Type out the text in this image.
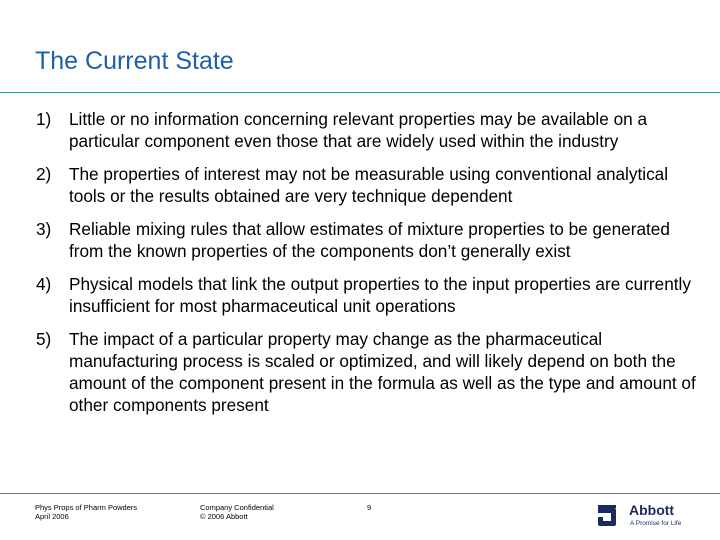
The Current State
1) Little or no information concerning relevant properties may be available on a particular component even those that are widely used within the industry
2) The properties of interest may not be measurable using conventional analytical tools or the results obtained are very technique dependent
3) Reliable mixing rules that allow estimates of mixture properties to be generated from the known properties of the components don’t generally exist
4) Physical models that link the output properties to the input properties are currently insufficient for most pharmaceutical unit operations
5) The impact of a particular property may change as the pharmaceutical manufacturing process is scaled or optimized, and will likely depend on both the amount of the component present in the formula as well as the type and amount of other components present
Phys Props of Pharm Powders
April 2006
Company Confidential
© 2006 Abbott
9	Abbott
A Promise for Life
